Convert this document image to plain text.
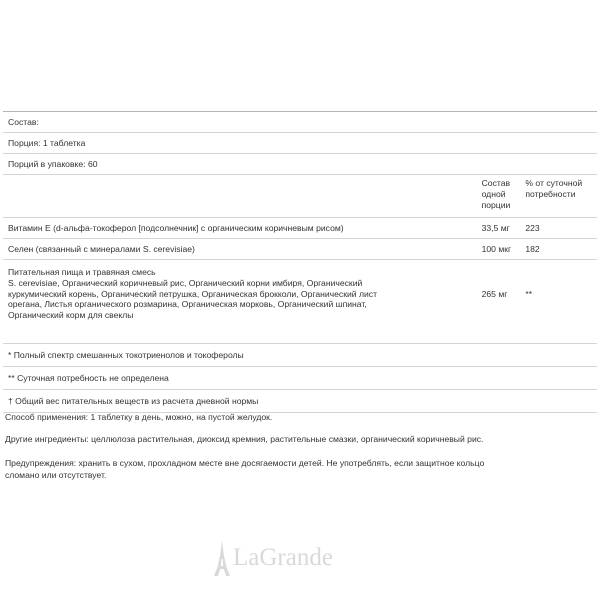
Состав:
Порция: 1 таблетка
Порций в упаковке: 60
Состав одной порции
% от суточной потребности
Витамин E (d-альфа-токоферол [подсолнечник] с органическим коричневым рисом)	33,5 мг	223
Селен (связанный с минералами S. cerevisiae)	100 мкг	182
Питательная пища и травяная смесь
S. cerevisiae, Органический коричневый рис, Органический корни имбиря, Органический
куркумический корень, Органический петрушка, Органическая брокколи, Органический лист
орегана, Листья органического розмарина, Органическая морковь, Органический шпинат,
Органический корм для свеклы
265 мг	**
* Полный спектр смешанных токотриенолов и токоферолы
** Суточная потребность не определена
† Общий вес питательных веществ из расчета дневной нормы
Способ применения: 1 таблетку в день, можно, на пустой желудок.
Другие ингредиенты: целлюлоза растительная, диоксид кремния, растительные смазки, органический коричневый рис.
Предупреждения: хранить в сухом, прохладном месте вне досягаемости детей. Не употреблять, если защитное кольцо
сломано или отсутствует.
LaGrande
